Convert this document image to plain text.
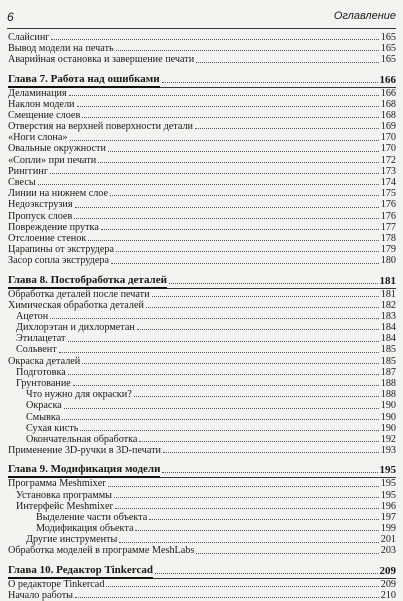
6	Оглавление
Слайсинг	165
Вывод модели на печать	165
Аварийная остановка и завершение печати	165
Глава 7. Работа над ошибками	166
Деламинация	166
Наклон модели	168
Смещение слоев	168
Отверстия на верхней поверхности детали	169
«Ноги слона»	170
Овальные окружности	170
«Сопли» при печати	172
Ринггинг	173
Свесы	174
Линии на нижнем слое	175
Недоэкструзия	176
Пропуск слоев	176
Повреждение прутка	177
Отслоение стенок	178
Царапины от экструдера	179
Засор сопла экструдера	180
Глава 8. Постобработка деталей	181
Обработка деталей после печати	181
Химическая обработка деталей	182
Ацетон	183
Дихлорэтан и дихлорметан	184
Этилацетат	184
Сольвент	185
Окраска деталей	185
Подготовка	187
Грунтование	188
Что нужно для окраски?	188
Окраска	190
Смывка	190
Сухая кисть	190
Окончательная обработка	192
Применение 3D-ручки в 3D-печати	193
Глава 9. Модификация модели	195
Программа Meshmixer	195
Установка программы	195
Интерфейс Meshmixer	196
Выделение части объекта	197
Модификация объекта	199
Другие инструменты	201
Обработка моделей в программе MeshLabs	203
Глава 10. Редактор Tinkercad	209
О редакторе Tinkercad	209
Начало работы	210
